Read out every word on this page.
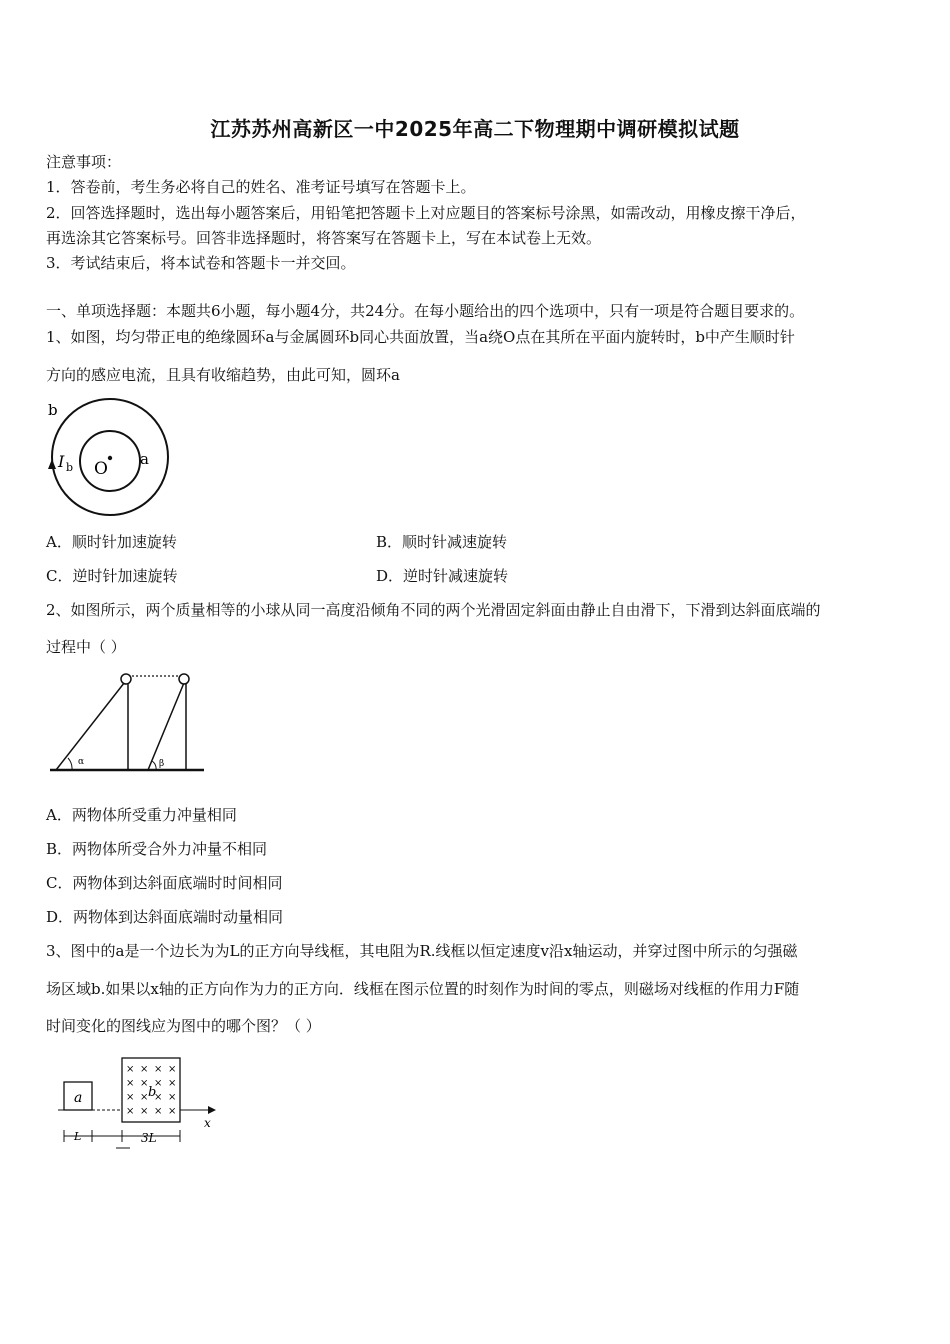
江苏苏州高新区一中2025年高二下物理期中调研模拟试题
注意事项：
1．答卷前，考生务必将自己的姓名、准考证号填写在答题卡上。
2．回答选择题时，选出每小题答案后，用铅笔把答题卡上对应题目的答案标号涂黑，如需改动，用橡皮擦干净后，
再选涂其它答案标号。回答非选择题时，将答案写在答题卡上，写在本试卷上无效。
3．考试结束后，将本试卷和答题卡一并交回。
一、单项选择题：本题共6小题，每小题4分，共24分。在每小题给出的四个选项中，只有一项是符合题目要求的。
1、如图，均匀带正电的绝缘圆环a与金属圆环b同心共面放置，当a绕O点在其所在平面内旋转时，b中产生顺时针
方向的感应电流，且具有收缩趋势，由此可知，圆环a
b
a
O
I b
A．顺时针加速旋转	B．顺时针减速旋转
C．逆时针加速旋转	D．逆时针减速旋转
2、如图所示，两个质量相等的小球从同一高度沿倾角不同的两个光滑固定斜面由静止自由滑下，下滑到达斜面底端的
过程中（ ）
α	β
A．两物体所受重力冲量相同
B．两物体所受合外力冲量不相同
C．两物体到达斜面底端时时间相同
D．两物体到达斜面底端时动量相同
3、图中的a是一个边长为为L的正方向导线框，其电阻为R.线框以恒定速度v沿x轴运动，并穿过图中所示的匀强磁
场区域b.如果以x轴的正方向作为力的正方向．线框在图示位置的时刻作为时间的零点，则磁场对线框的作用力F随
时间变化的图线应为图中的哪个图？（ ）
a
× × × ×
× × × ×
× × × ×
× × × ×
b
x
L	3L
